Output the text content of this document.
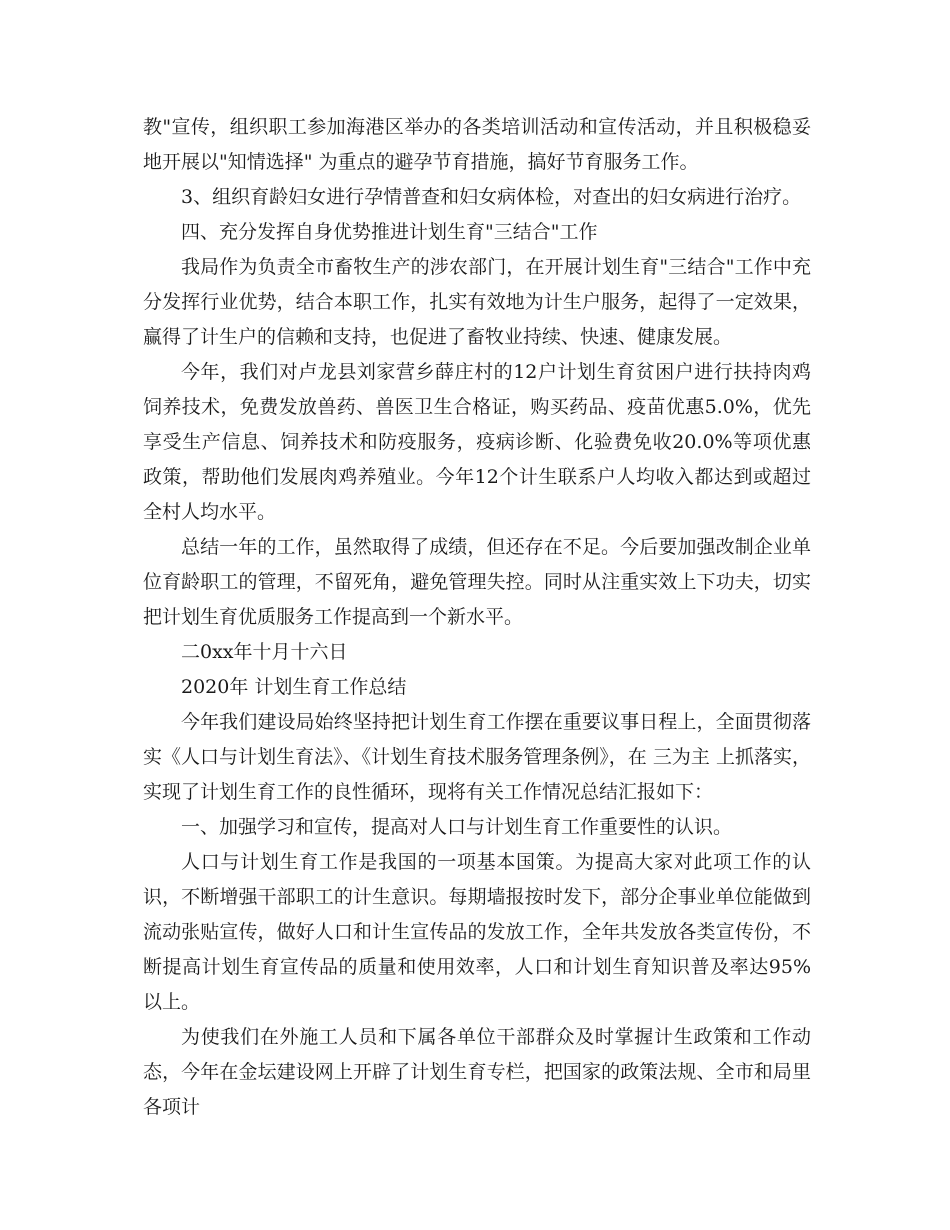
教"宣传，组织职工参加海港区举办的各类培训活动和宣传活动，并且积极稳妥地开展以"知情选择" 为重点的避孕节育措施，搞好节育服务工作。

3、组织育龄妇女进行孕情普查和妇女病体检，对查出的妇女病进行治疗。

四、充分发挥自身优势推进计划生育"三结合"工作

我局作为负责全市畜牧生产的涉农部门，在开展计划生育"三结合"工作中充分发挥行业优势，结合本职工作，扎实有效地为计生户服务，起得了一定效果，赢得了计生户的信赖和支持，也促进了畜牧业持续、快速、健康发展。

今年，我们对卢龙县刘家营乡薛庄村的12户计划生育贫困户进行扶持肉鸡饲养技术，免费发放兽药、兽医卫生合格证，购买药品、疫苗优惠5.0%，优先享受生产信息、饲养技术和防疫服务，疫病诊断、化验费免收20.0%等项优惠政策，帮助他们发展肉鸡养殖业。今年12个计生联系户人均收入都达到或超过全村人均水平。

总结一年的工作，虽然取得了成绩，但还存在不足。今后要加强改制企业单位育龄职工的管理，不留死角，避免管理失控。同时从注重实效上下功夫，切实把计划生育优质服务工作提高到一个新水平。

二0xx年十月十六日

2020年 计划生育工作总结

今年我们建设局始终坚持把计划生育工作摆在重要议事日程上，全面贯彻落实《人口与计划生育法》、《计划生育技术服务管理条例》，在 三为主 上抓落实，实现了计划生育工作的良性循环，现将有关工作情况总结汇报如下：

一、加强学习和宣传，提高对人口与计划生育工作重要性的认识。

人口与计划生育工作是我国的一项基本国策。为提高大家对此项工作的认识，不断增强干部职工的计生意识。每期墙报按时发下，部分企事业单位能做到流动张贴宣传，做好人口和计生宣传品的发放工作，全年共发放各类宣传份，不断提高计划生育宣传品的质量和使用效率，人口和计划生育知识普及率达95%以上。

为使我们在外施工人员和下属各单位干部群众及时掌握计生政策和工作动态，今年在金坛建设网上开辟了计划生育专栏，把国家的政策法规、全市和局里各项计
